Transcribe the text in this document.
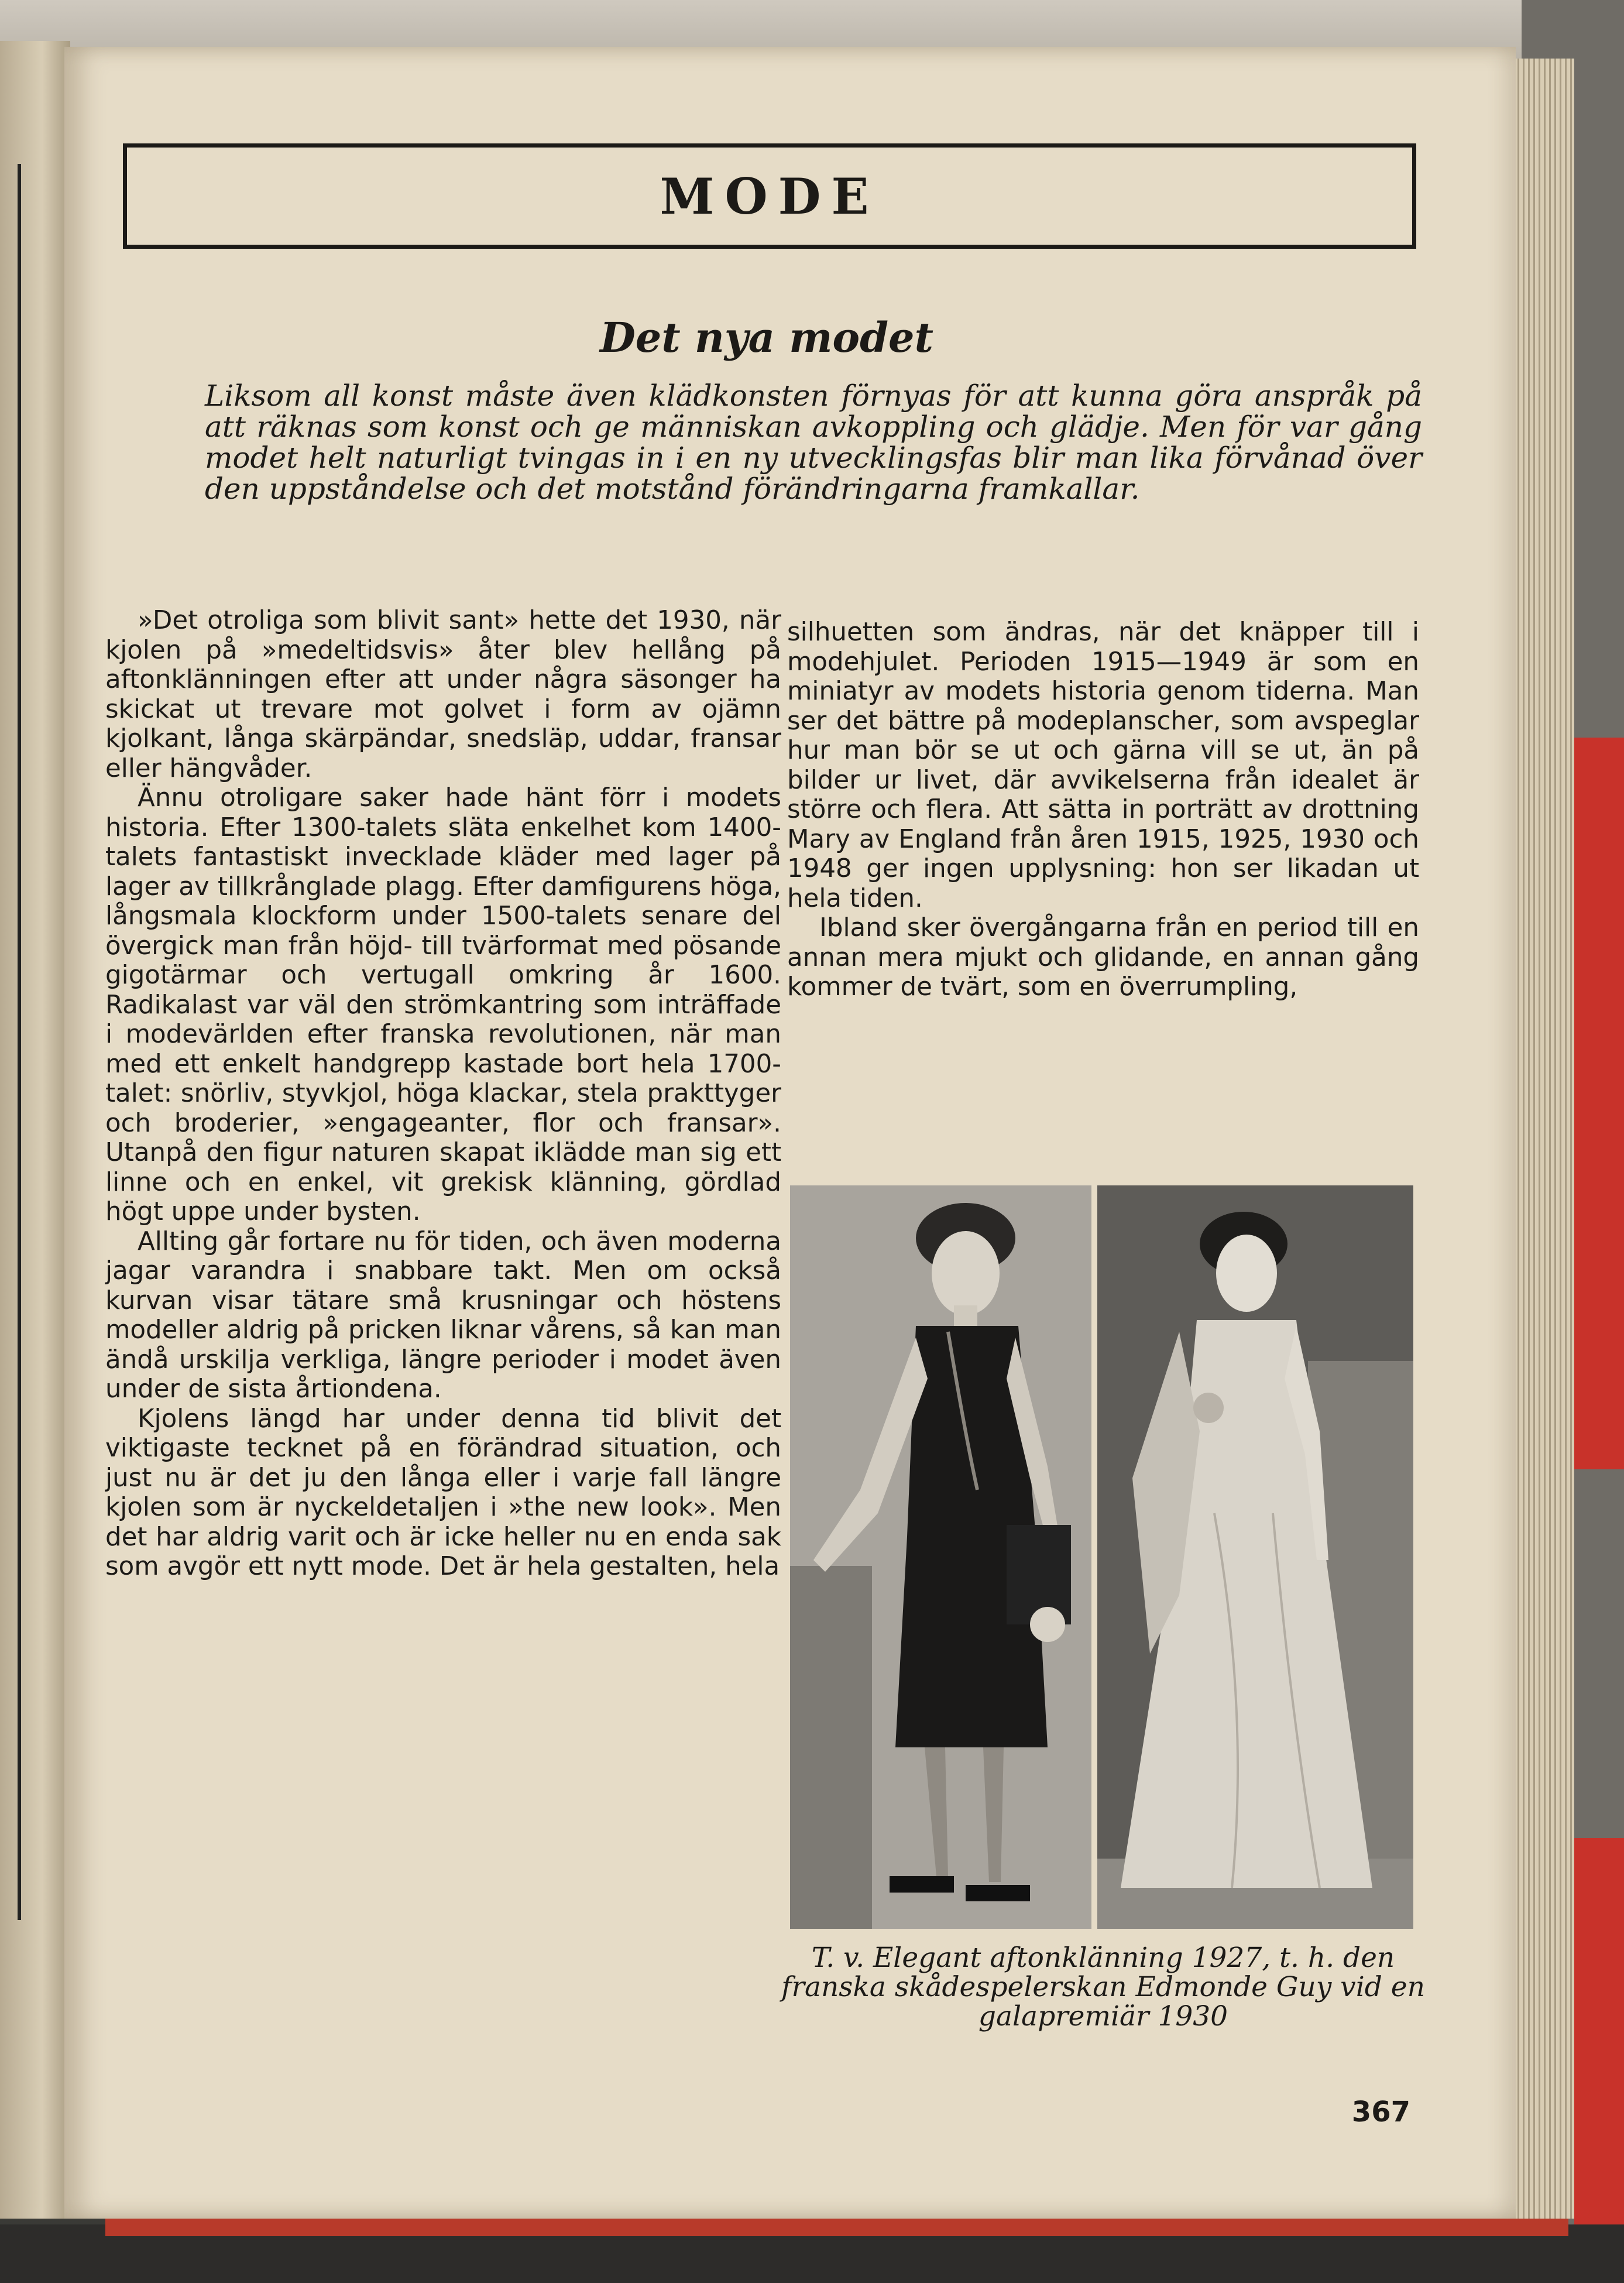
MODE
Det nya modet
Liksom all konst måste även klädkonsten förnyas för att kunna göra anspråk på att räknas som konst och ge människan avkoppling och glädje. Men för var gång modet helt naturligt tvingas in i en ny utvecklingsfas blir man lika förvånad över den uppståndelse och det motstånd förändringarna framkallar.

»Det otroliga som blivit sant» hette det 1930, när kjolen på »medeltidsvis» åter blev hellång på aftonklänningen efter att under några säsonger ha skickat ut trevare mot golvet i form av ojämn kjolkant, långa skärpändar, snedsläp, uddar, fransar eller hängvåder.

Ännu otroligare saker hade hänt förr i modets historia. Efter 1300-talets släta enkelhet kom 1400-talets fantastiskt invecklade kläder med lager på lager av tillkrånglade plagg. Efter damfigurens höga, långsmala klockform under 1500-talets senare del övergick man från höjd- till tvärformat med pösande gigotärmar och vertugall omkring år 1600. Radikalast var väl den strömkantring som inträffade i modevärlden efter franska revolutionen, när man med ett enkelt handgrepp kastade bort hela 1700-talet: snörliv, styvkjol, höga klackar, stela prakttyger och broderier, »engageanter, flor och fransar». Utanpå den figur naturen skapat iklädde man sig ett linne och en enkel, vit grekisk klänning, gördlad högt uppe under bysten.

Allting går fortare nu för tiden, och även moderna jagar varandra i snabbare takt. Men om också kurvan visar tätare små krusningar och höstens modeller aldrig på pricken liknar vårens, så kan man ändå urskilja verkliga, längre perioder i modet även under de sista årtiondena.

Kjolens längd har under denna tid blivit det viktigaste tecknet på en förändrad situation, och just nu är det ju den långa eller i varje fall längre kjolen som är nyckeldetaljen i »the new look». Men det har aldrig varit och är icke heller nu en enda sak som avgör ett nytt mode. Det är hela gestalten, hela

silhuetten som ändras, när det knäpper till i modehjulet. Perioden 1915—1949 är som en miniatyr av modets historia genom tiderna. Man ser det bättre på modeplanscher, som avspeglar hur man bör se ut och gärna vill se ut, än på bilder ur livet, där avvikelserna från idealet är större och flera. Att sätta in porträtt av drottning Mary av England från åren 1915, 1925, 1930 och 1948 ger ingen upplysning: hon ser likadan ut hela tiden.

Ibland sker övergångarna från en period till en annan mera mjukt och glidande, en annan gång kommer de tvärt, som en överrumpling,

T. v. Elegant aftonklänning 1927, t. h. den franska skådespelerskan Edmonde Guy vid en galapremiär 1930
367
